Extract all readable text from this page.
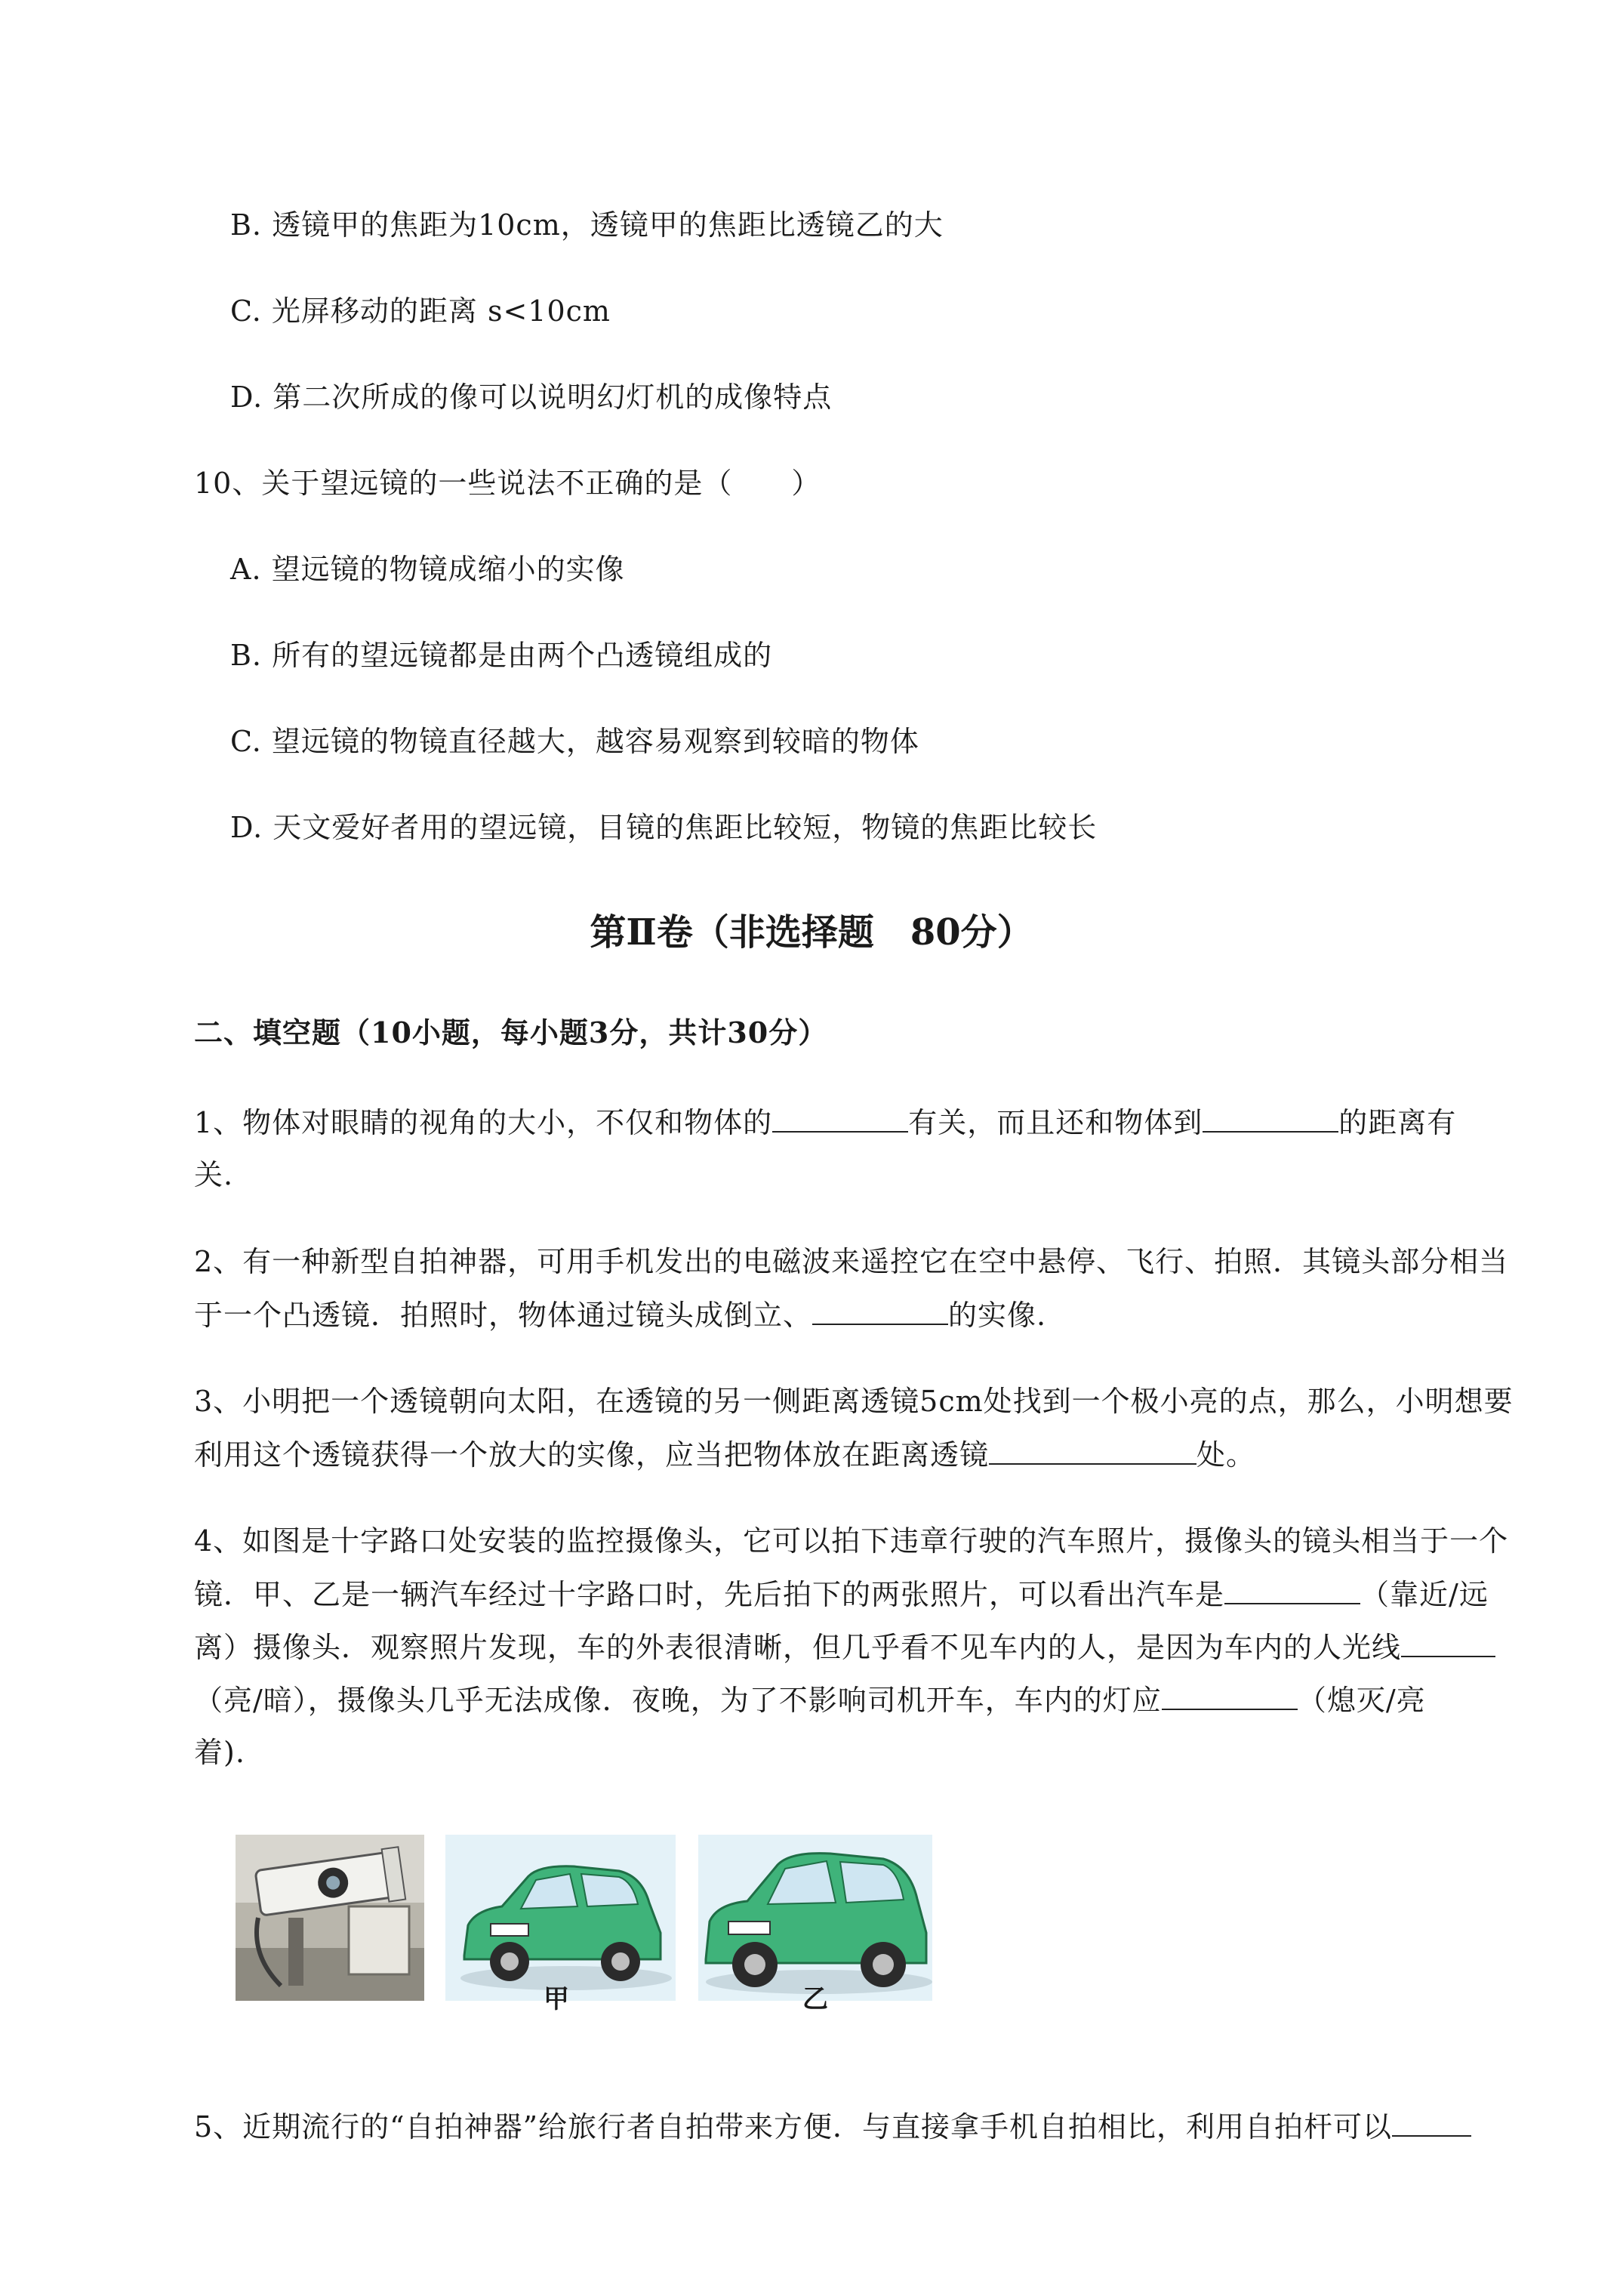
B. 透镜甲的焦距为10cm，透镜甲的焦距比透镜乙的大
C. 光屏移动的距离 s<10cm
D. 第二次所成的像可以说明幻灯机的成像特点
10、关于望远镜的一些说法不正确的是（　　）
A. 望远镜的物镜成缩小的实像
B. 所有的望远镜都是由两个凸透镜组成的
C. 望远镜的物镜直径越大，越容易观察到较暗的物体
D. 天文爱好者用的望远镜，目镜的焦距比较短，物镜的焦距比较长
第Ⅱ卷（非选择题　80分）
二、填空题（10小题，每小题3分，共计30分）
1、物体对眼睛的视角的大小，不仅和物体的	有关，而且还和物体到	的距离有
关.
2、有一种新型自拍神器，可用手机发出的电磁波来遥控它在空中悬停、飞行、拍照．其镜头部分相当
于一个凸透镜．拍照时，物体通过镜头成倒立、	的实像.
3、小明把一个透镜朝向太阳，在透镜的另一侧距离透镜5cm处找到一个极小亮的点，那么，小明想要
利用这个透镜获得一个放大的实像，应当把物体放在距离透镜	处。
4、如图是十字路口处安装的监控摄像头，它可以拍下违章行驶的汽车照片，摄像头的镜头相当于一个
镜．甲、乙是一辆汽车经过十字路口时，先后拍下的两张照片，可以看出汽车是	（靠近/远
离）摄像头．观察照片发现，车的外表很清晰，但几乎看不见车内的人，是因为车内的人光线
（亮/暗），摄像头几乎无法成像．夜晚，为了不影响司机开车，车内的灯应	（熄灭/亮
着).
甲	乙
5、近期流行的“自拍神器”给旅行者自拍带来方便．与直接拿手机自拍相比，利用自拍杆可以
